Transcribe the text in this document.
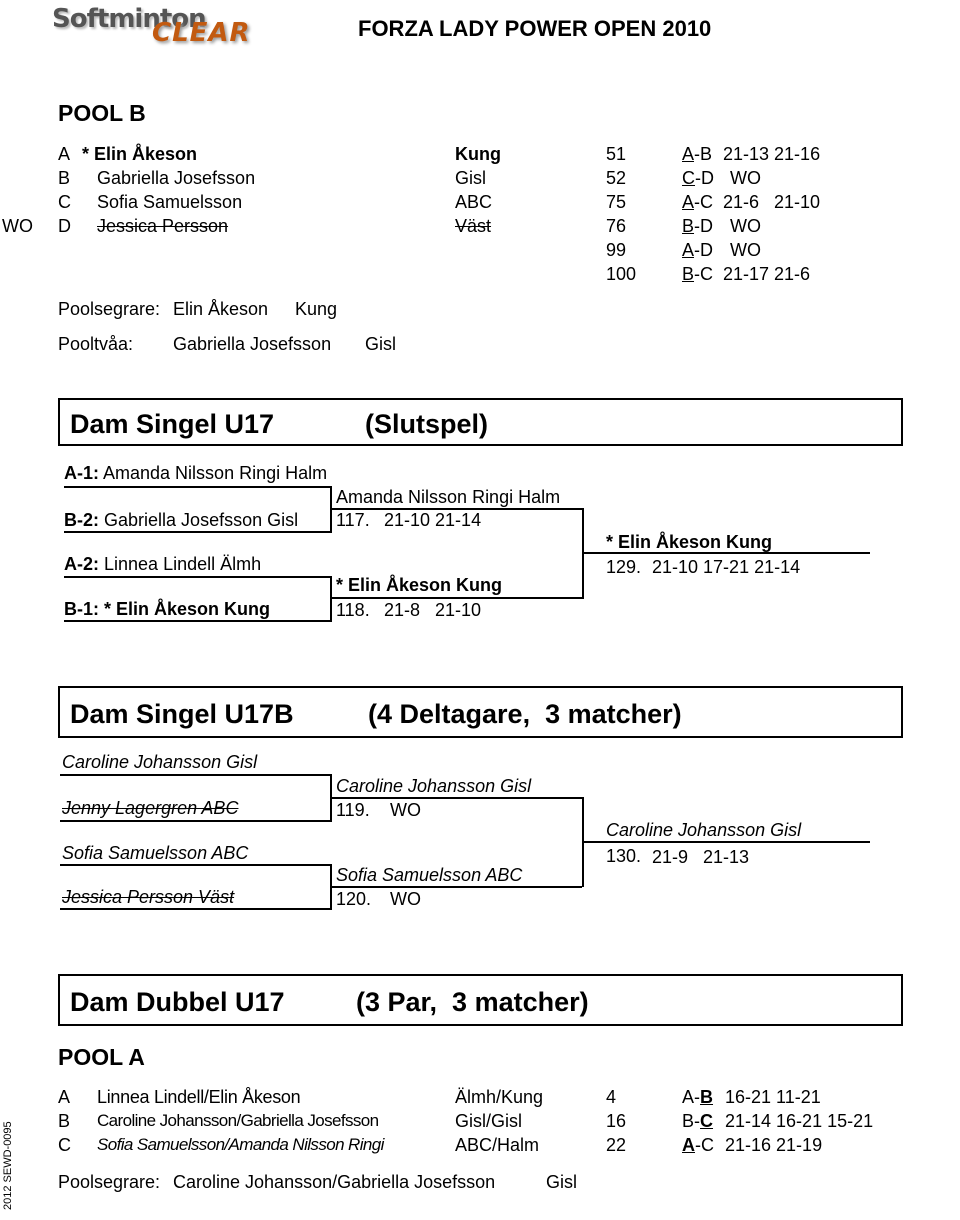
Softminton
CLEAR	FORZA LADY POWER OPEN 2010
POOL B
A * Elin Åkeson	Kung
B Gabriella Josefsson	Gisl
C Sofia Samuelsson	ABC
WO D Jessica Persson	Väst
51	A-B 21-13 21-16
52	C-D WO
75	A-C 21-6   21-10
76	B-D WO
99	A-D WO
100	B-C 21-17 21-6
Poolsegrare: Elin Åkeson Kung
Pooltvåa: Gabriella Josefsson Gisl
Dam Singel U17	(Slutspel)
A-1: Amanda Nilsson Ringi Halm
Amanda Nilsson Ringi Halm
B-2: Gabriella Josefsson Gisl 117. 21-10 21-14
* Elin Åkeson Kung
129. 21-10 17-21 21-14
A-2: Linnea Lindell Älmh
* Elin Åkeson Kung
B-1: * Elin Åkeson Kung	118. 21-8   21-10
Dam Singel U17B	(4 Deltagare,  3 matcher)
Caroline Johansson Gisl
Caroline Johansson Gisl
Jenny Lagergren ABC	119. WO
Caroline Johansson Gisl
130. 21-9   21-13
Sofia Samuelsson ABC
Sofia Samuelsson ABC
Jessica Persson Väst	120. WO
Dam Dubbel U17	(3 Par,  3 matcher)
POOL A
A Linnea Lindell/Elin Åkeson	Älmh/Kung
B Caroline Johansson/Gabriella Josefsson	Gisl/Gisl
C Sofia Samuelsson/Amanda Nilsson Ringi	ABC/Halm
4	A-B 16-21 11-21
16	B-C 21-14 16-21 15-21
22	A-C 21-16 21-19
Poolsegrare: Caroline Johansson/Gabriella Josefsson	Gisl
2012 SEWD-0095
